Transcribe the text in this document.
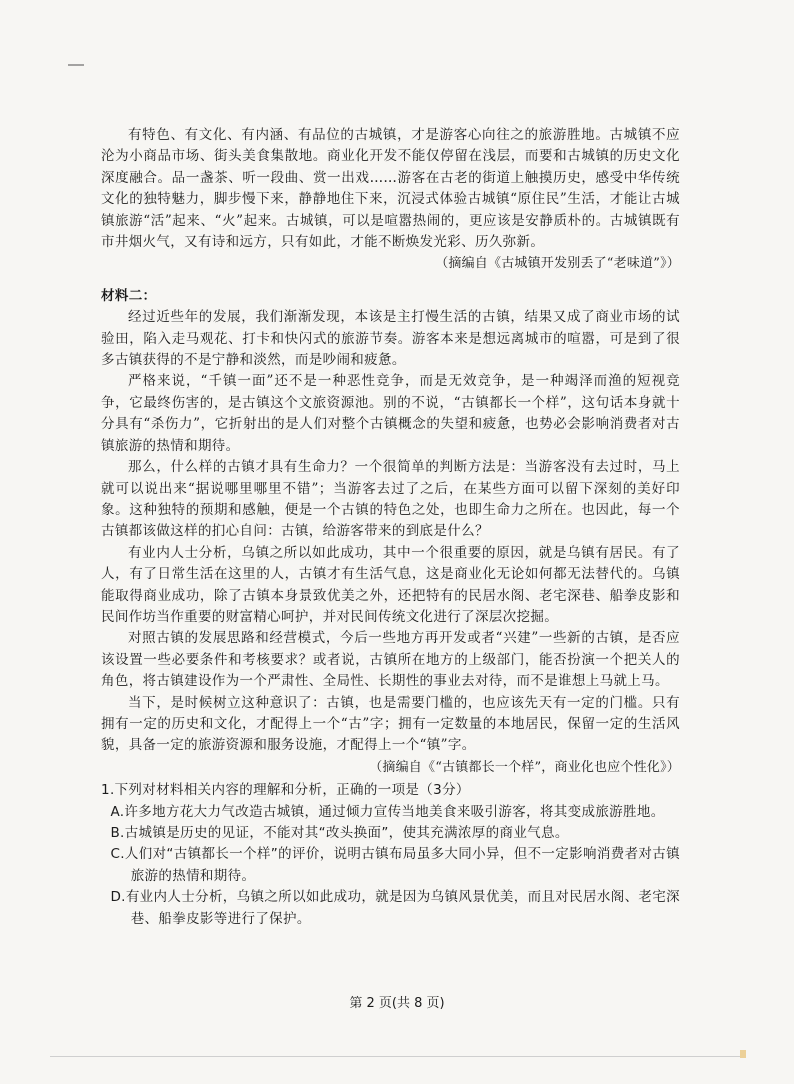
有特色、有文化、有内涵、有品位的古城镇，才是游客心向往之的旅游胜地。古城镇不应沦为小商品市场、街头美食集散地。商业化开发不能仅停留在浅层，而要和古城镇的历史文化深度融合。品一盏茶、听一段曲、赏一出戏……游客在古老的街道上触摸历史，感受中华传统文化的独特魅力，脚步慢下来，静静地住下来，沉浸式体验古城镇“原住民”生活，才能让古城镇旅游“活”起来、“火”起来。古城镇，可以是喧嚣热闹的，更应该是安静质朴的。古城镇既有市井烟火气，又有诗和远方，只有如此，才能不断焕发光彩、历久弥新。

（摘编自《古城镇开发别丢了“老味道”》）

材料二：

经过近些年的发展，我们渐渐发现，本该是主打慢生活的古镇，结果又成了商业市场的试验田，陷入走马观花、打卡和快闪式的旅游节奏。游客本来是想远离城市的喧嚣，可是到了很多古镇获得的不是宁静和淡然，而是吵闹和疲惫。

严格来说，“千镇一面”还不是一种恶性竞争，而是无效竞争，是一种竭泽而渔的短视竞争，它最终伤害的，是古镇这个文旅资源池。别的不说，“古镇都长一个样”，这句话本身就十分具有“杀伤力”，它折射出的是人们对整个古镇概念的失望和疲惫，也势必会影响消费者对古镇旅游的热情和期待。

那么，什么样的古镇才具有生命力？一个很简单的判断方法是：当游客没有去过时，马上就可以说出来“据说哪里哪里不错”；当游客去过了之后，在某些方面可以留下深刻的美好印象。这种独特的预期和感触，便是一个古镇的特色之处，也即生命力之所在。也因此，每一个古镇都该做这样的扪心自问：古镇，给游客带来的到底是什么？

有业内人士分析，乌镇之所以如此成功，其中一个很重要的原因，就是乌镇有居民。有了人，有了日常生活在这里的人，古镇才有生活气息，这是商业化无论如何都无法替代的。乌镇能取得商业成功，除了古镇本身景致优美之外，还把特有的民居水阁、老宅深巷、船拳皮影和民间作坊当作重要的财富精心呵护，并对民间传统文化进行了深层次挖掘。

对照古镇的发展思路和经营模式，今后一些地方再开发或者“兴建”一些新的古镇，是否应该设置一些必要条件和考核要求？或者说，古镇所在地方的上级部门，能否扮演一个把关人的角色，将古镇建设作为一个严肃性、全局性、长期性的事业去对待，而不是谁想上马就上马。

当下，是时候树立这种意识了：古镇，也是需要门槛的，也应该先天有一定的门槛。只有拥有一定的历史和文化，才配得上一个“古”字；拥有一定数量的本地居民，保留一定的生活风貌，具备一定的旅游资源和服务设施，才配得上一个“镇”字。

（摘编自《“古镇都长一个样”，商业化也应个性化》）

1.下列对材料相关内容的理解和分析，正确的一项是（3分）

A.许多地方花大力气改造古城镇，通过倾力宣传当地美食来吸引游客，将其变成旅游胜地。

B.古城镇是历史的见证，不能对其“改头换面”，使其充满浓厚的商业气息。

C.人们对“古镇都长一个样”的评价，说明古镇布局虽多大同小异，但不一定影响消费者对古镇旅游的热情和期待。

D.有业内人士分析，乌镇之所以如此成功，就是因为乌镇风景优美，而且对民居水阁、老宅深巷、船拳皮影等进行了保护。

第 2 页(共 8 页)
